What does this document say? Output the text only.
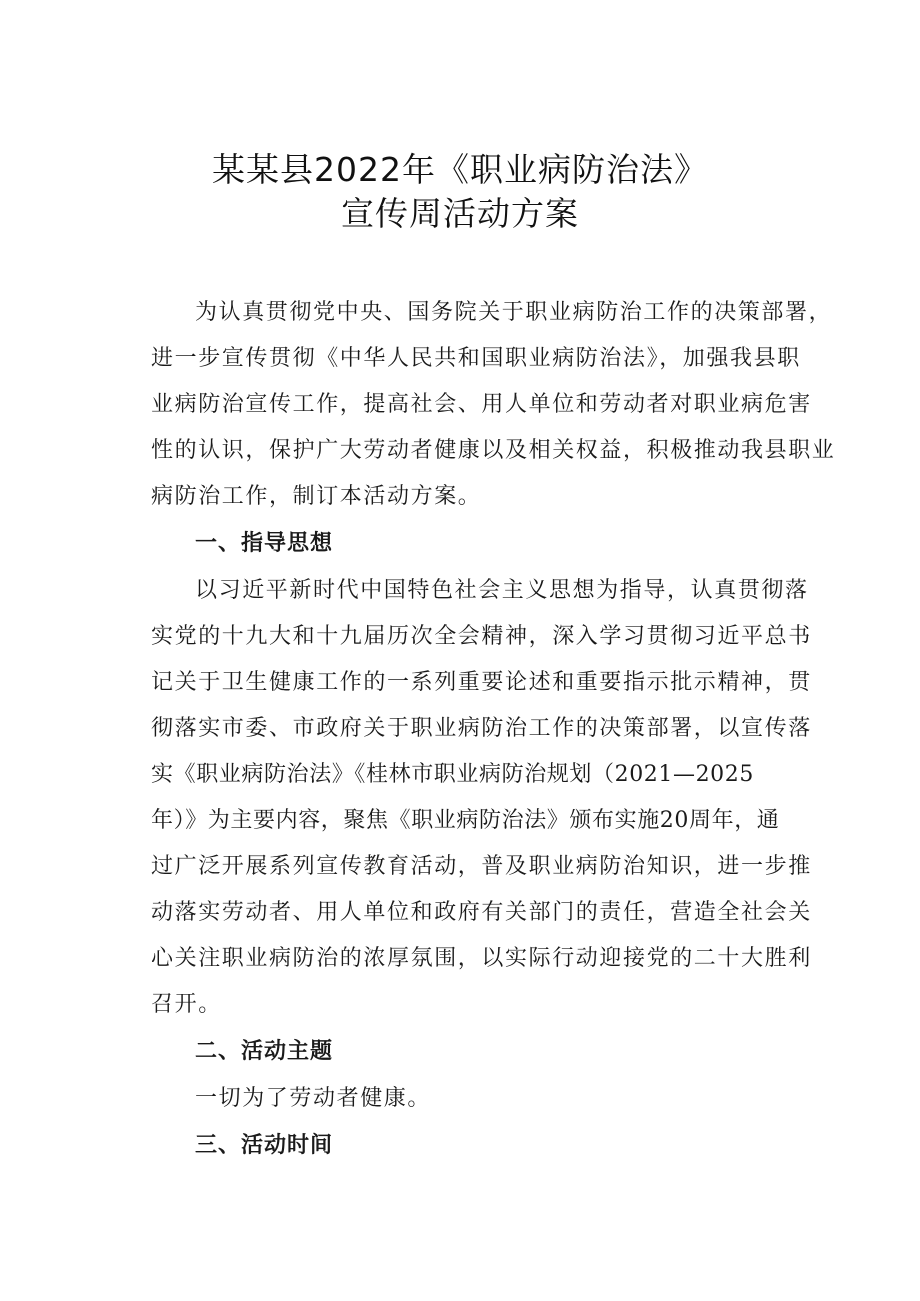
某某县2022年《职业病防治法》
宣传周活动方案
为认真贯彻党中央、国务院关于职业病防治工作的决策部署，
进一步宣传贯彻《中华人民共和国职业病防治法》，加强我县职
业病防治宣传工作，提高社会、用人单位和劳动者对职业病危害
性的认识，保护广大劳动者健康以及相关权益，积极推动我县职业
病防治工作，制订本活动方案。
一、指导思想
以习近平新时代中国特色社会主义思想为指导，认真贯彻落
实党的十九大和十九届历次全会精神，深入学习贯彻习近平总书
记关于卫生健康工作的一系列重要论述和重要指示批示精神，贯
彻落实市委、市政府关于职业病防治工作的决策部署，以宣传落
实《职业病防治法》《桂林市职业病防治规划（2021—2025
年）》为主要内容，聚焦《职业病防治法》颁布实施20周年，通
过广泛开展系列宣传教育活动，普及职业病防治知识，进一步推
动落实劳动者、用人单位和政府有关部门的责任，营造全社会关
心关注职业病防治的浓厚氛围，以实际行动迎接党的二十大胜利
召开。
二、活动主题
一切为了劳动者健康。
三、活动时间
